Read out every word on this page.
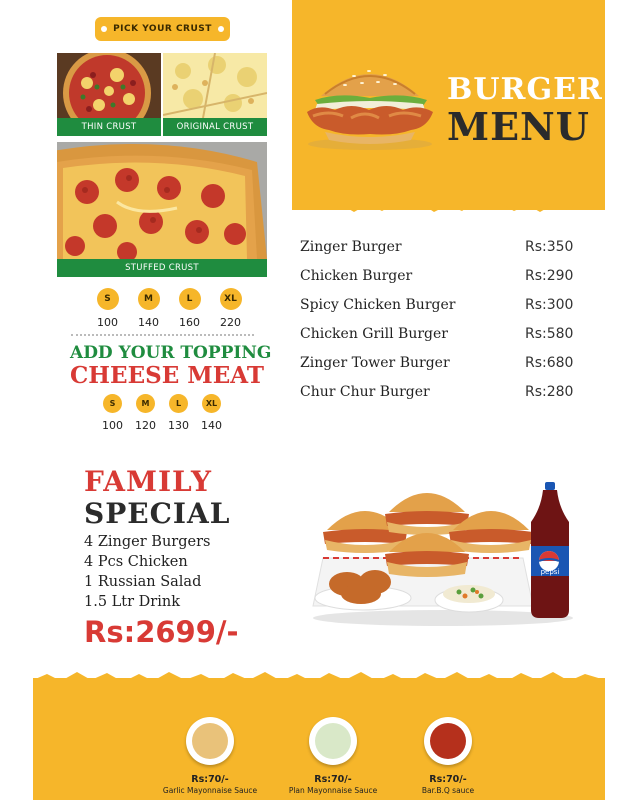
BURGER
MENU
Zinger Burger	Rs:350
Chicken Burger	Rs:290
Spicy Chicken Burger	Rs:300
Chicken Grill Burger	Rs:580
Zinger Tower Burger	Rs:680
Chur Chur Burger	Rs:280
PICK YOUR CRUST
THIN CRUST	ORIGINAL CRUST
STUFFED CRUST
S
100
M
140
L
160
XL
220
ADD YOUR TOPPING
CHEESE MEAT
S
100
M
120
L
130
XL
140
FAMILY
SPECIAL
4 Zinger Burgers
4 Pcs Chicken
1 Russian Salad
1.5 Ltr Drink
Rs:2699/-
pepsi
Rs:70/-
Garlic Mayonnaise Sauce
Rs:70/-
Plan Mayonnaise Sauce
Rs:70/-
Bar.B.Q sauce
